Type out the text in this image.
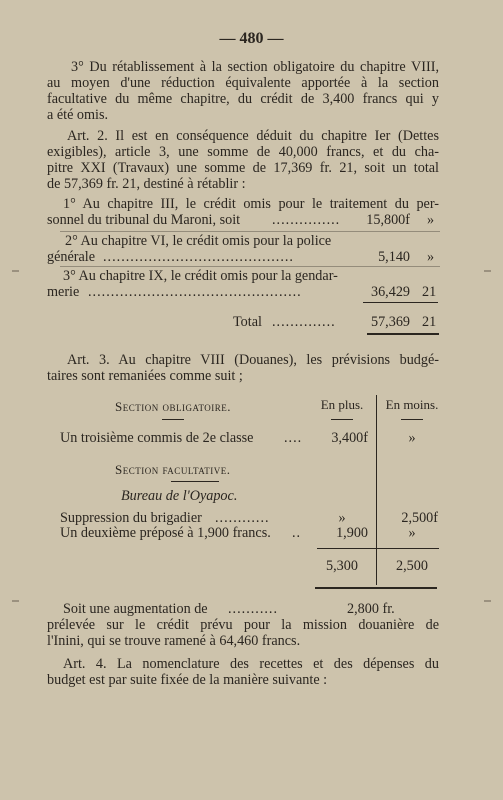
— 480 —
3° Du rétablissement à la section obligatoire du chapitre VIII,
au moyen d'une réduction équivalente apportée à la section
facultative du même chapitre, du crédit de 3,400 francs qui y
a été omis.
Art. 2. Il est en conséquence déduit du chapitre Ier (Dettes
exigibles), article 3, une somme de 40,000 francs, et du cha-
pitre XXI (Travaux) une somme de 17,369 fr. 21, soit un total
de 57,369 fr. 21, destiné à rétablir :
1° Au chapitre III, le crédit omis pour le traitement du per-
sonnel du tribunal du Maroni, soit ...............	15,800f »
2° Au chapitre VI, le crédit omis pour la police
générale ..........................................	5,140 »
3° Au chapitre IX, le crédit omis pour la gendar-
merie ...............................................	36,429 21
Total ..............	57,369 21
Art. 3. Au chapitre VIII (Douanes), les prévisions budgé-
taires sont remaniées comme suit ;
Section obligatoire.	En plus.	En moins.
Un troisième commis de 2e classe ....	3,400f	»
Section facultative.
Bureau de l'Oyapoc.
Suppression du brigadier ............	»	2,500f
Un deuxième préposé à 1,900 francs. ..	1,900	»
5,300	2,500
Soit une augmentation de ...........	2,800 fr.
prélevée sur le crédit prévu pour la mission douanière de
l'Inini, qui se trouve ramené à 64,460 francs.
Art. 4. La nomenclature des recettes et des dépenses du
budget est par suite fixée de la manière suivante :
